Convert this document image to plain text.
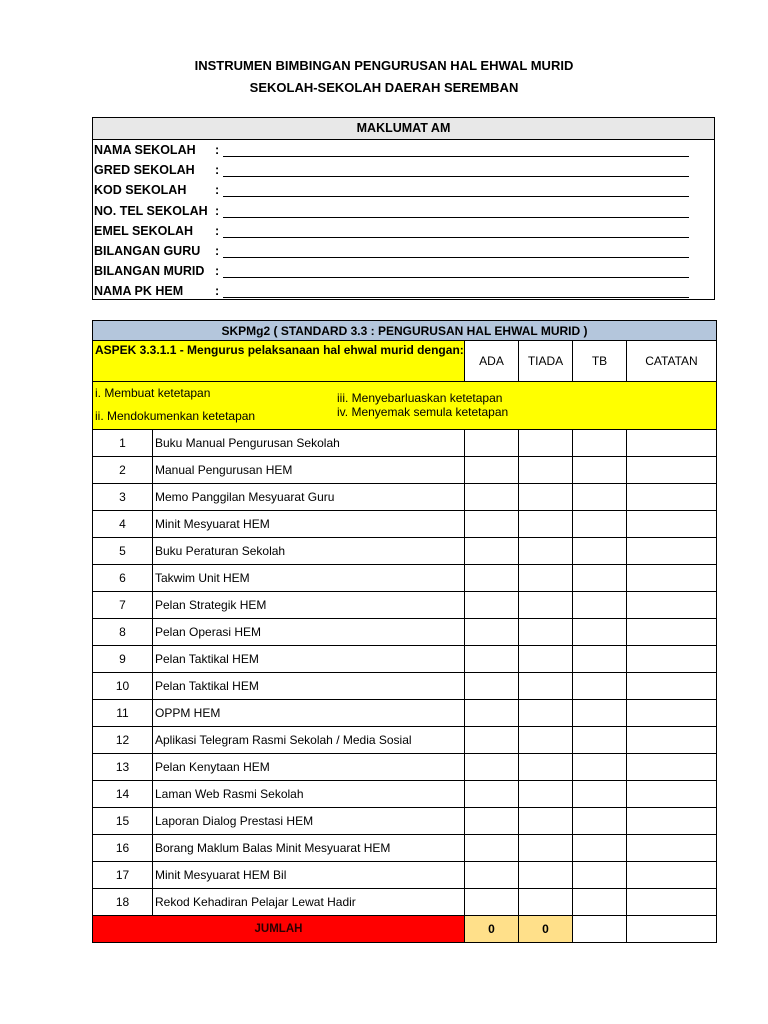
INSTRUMEN BIMBINGAN PENGURUSAN HAL EHWAL MURID
SEKOLAH-SEKOLAH DAERAH SEREMBAN
MAKLUMAT AM
NAMA SEKOLAH :
GRED SEKOLAH :
KOD SEKOLAH :
NO. TEL SEKOLAH :
EMEL SEKOLAH :
BILANGAN GURU :
BILANGAN MURID :
NAMA PK HEM	:
SKPMg2 ( STANDARD 3.3 : PENGURUSAN HAL EHWAL MURID )					
ASPEK 3.3.1.1 - Mengurus pelaksanaan hal ehwal murid dengan:		ADA	TIADA	TB	CATATAN

i. Membuat ketetapan
ii. Mendokumenkan ketetapan
iii. Menyebarluaskan ketetapan
iv. Menyemak semula ketetapan					

1	Buku Manual Pengurusan Sekolah				
2	Manual Pengurusan HEM				
3	Memo Panggilan Mesyuarat Guru				
4	Minit Mesyuarat HEM				
5	Buku Peraturan Sekolah				
6	Takwim Unit HEM				
7	Pelan Strategik HEM				
8	Pelan Operasi HEM				
9	Pelan Taktikal HEM				
10	Pelan Taktikal HEM				
11	OPPM HEM				
12	Aplikasi Telegram Rasmi Sekolah / Media Sosial				
13	Pelan Kenytaan HEM				
14	Laman Web Rasmi Sekolah				
15	Laporan Dialog Prestasi HEM				
16	Borang Maklum Balas Minit Mesyuarat HEM				
17	Minit Mesyuarat HEM Bil				
18	Rekod Kehadiran Pelajar Lewat Hadir				
JUMLAH		0	0		
